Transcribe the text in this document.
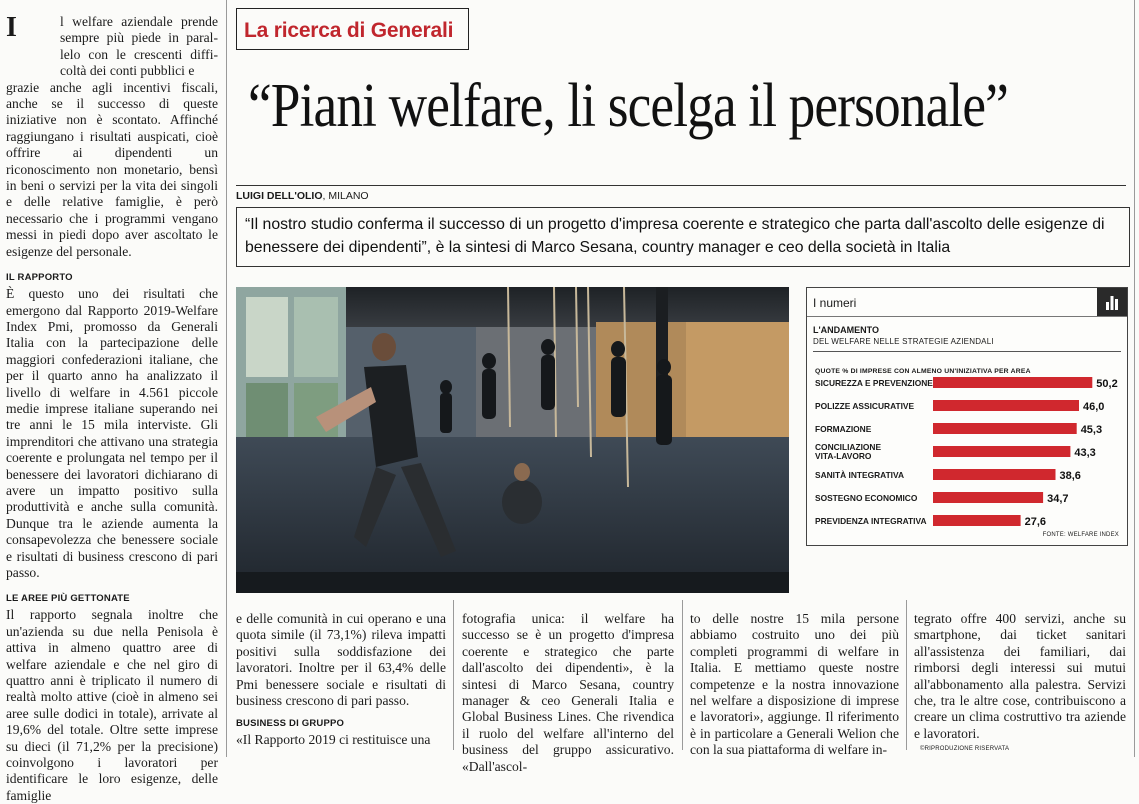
I	l welfare aziendale prende sempre più piede in paral-lelo con le crescenti diffi-coltà dei conti pubblici e

grazie anche agli incentivi fiscali, anche se il successo di queste iniziative non è scontato. Affinché raggiungano i risultati auspicati, cioè offrire ai dipendenti un riconoscimento non monetario, bensì in beni o servizi per la vita dei singoli e delle relative famiglie, è però necessario che i programmi vengano messi in piedi dopo aver ascoltato le esigenze del personale.

IL RAPPORTO

È questo uno dei risultati che emergono dal Rapporto 2019-Welfare Index Pmi, promosso da Generali Italia con la partecipazione delle maggiori confederazioni italiane, che per il quarto anno ha analizzato il livello di welfare in 4.561 piccole medie imprese italiane superando nei tre anni le 15 mila interviste. Gli imprenditori che attivano una strategia coerente e prolungata nel tempo per il benessere dei lavoratori dichiarano di avere un impatto positivo sulla produttività e anche sulla comunità. Dunque tra le aziende aumenta la consapevolezza che benessere sociale e risultati di business crescono di pari passo.

LE AREE PIÙ GETTONATE

Il rapporto segnala inoltre che un'azienda su due nella Penisola è attiva in almeno quattro aree di welfare aziendale e che nel giro di quattro anni è triplicato il numero di realtà molto attive (cioè in almeno sei aree sulle dodici in totale), arrivate al 19,6% del totale. Oltre sette imprese su dieci (il 71,2% per la precisione) coinvolgono i lavoratori per identificare le loro esigenze, delle famiglie

La ricerca di Generali
“Piani welfare, li scelga il personale”
LUIGI DELL'OLIO, MILANO

“Il nostro studio conferma il successo di un progetto d'impresa coerente e strategico che parta dall'ascolto delle esigenze di benessere dei dipendenti”, è la sintesi di Marco Sesana, country manager e ceo della società in Italia

I numeri
L'ANDAMENTO
DEL WELFARE NELLE STRATEGIE AZIENDALI
QUOTE % DI IMPRESE CON ALMENO UN'INIZIATIVA PER AREA
SICUREZZA E PREVENZIONE	50,2
POLIZZE ASSICURATIVE	46,0
FORMAZIONE	45,3
CONCILIAZIONE VITA-LAVORO	43,3
SANITÀ INTEGRATIVA	38,6
SOSTEGNO ECONOMICO	34,7
PREVIDENZA INTEGRATIVA	27,6
FONTE: WELFARE INDEX

e delle comunità in cui operano e una quota simile (il 73,1%) rileva impatti positivi sulla soddisfazione dei lavoratori. Inoltre per il 63,4% delle Pmi benessere sociale e risultati di business crescono di pari passo.

BUSINESS DI GRUPPO

«Il Rapporto 2019 ci restituisce una

fotografia unica: il welfare ha successo se è un progetto d'impresa coerente e strategico che parte dall'ascolto dei dipendenti», è la sintesi di Marco Sesana, country manager & ceo Generali Italia e Global Business Lines. Che rivendica il ruolo del welfare all'interno del business del gruppo assicurativo. «Dall'ascol-

to delle nostre 15 mila persone abbiamo costruito uno dei più completi programmi di welfare in Italia. E mettiamo queste nostre competenze e la nostra innovazione nel welfare a disposizione di imprese e lavoratori», aggiunge. Il riferimento è in particolare a Generali Welion che con la sua piattaforma di welfare in-

tegrato offre 400 servizi, anche su smartphone, dai ticket sanitari all'assistenza dei familiari, dai rimborsi degli interessi sui mutui all'abbonamento alla palestra. Servizi che, tra le altre cose, contribuiscono a creare un clima costruttivo tra aziende e lavoratori.

©RIPRODUZIONE RISERVATA
